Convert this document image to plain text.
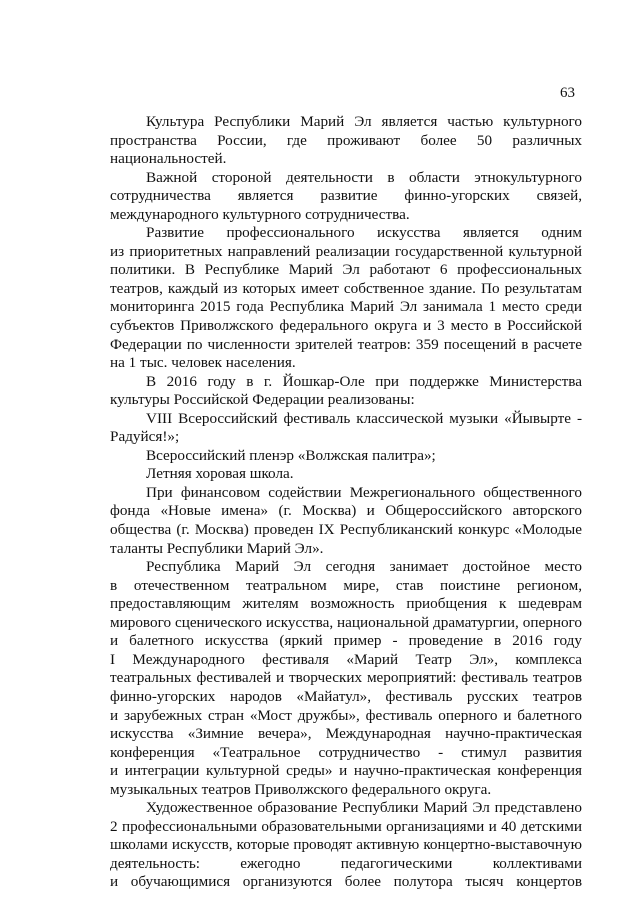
63
Культура Республики Марий Эл является частью культурного
пространства России, где проживают более 50 различных
национальностей.
Важной стороной деятельности в области этнокультурного
сотрудничества является развитие финно-угорских связей,
международного культурного сотрудничества.
Развитие профессионального искусства является одним
из приоритетных направлений реализации государственной культурной
политики. В Республике Марий Эл работают 6 профессиональных
театров, каждый из которых имеет собственное здание. По результатам
мониторинга 2015 года Республика Марий Эл занимала 1 место среди
субъектов Приволжского федерального округа и 3 место в Российской
Федерации по численности зрителей театров: 359 посещений в расчете
на 1 тыс. человек населения.
В 2016 году в г. Йошкар-Оле при поддержке Министерства
культуры Российской Федерации реализованы:
VIII Всероссийский фестиваль классической музыки «Йывырте -
Радуйся!»;
Всероссийский пленэр «Волжская палитра»;
Летняя хоровая школа.
При финансовом содействии Межрегионального общественного
фонда «Новые имена» (г. Москва) и Общероссийского авторского
общества (г. Москва) проведен IX Республиканский конкурс «Молодые
таланты Республики Марий Эл».
Республика Марий Эл сегодня занимает достойное место
в отечественном театральном мире, став поистине регионом,
предоставляющим жителям возможность приобщения к шедеврам
мирового сценического искусства, национальной драматургии, оперного
и балетного искусства (яркий пример - проведение в 2016 году
I Международного фестиваля «Марий Театр Эл», комплекса
театральных фестивалей и творческих мероприятий: фестиваль театров
финно-угорских народов «Майатул», фестиваль русских театров
и зарубежных стран «Мост дружбы», фестиваль оперного и балетного
искусства «Зимние вечера», Международная научно-практическая
конференция «Театральное сотрудничество - стимул развития
и интеграции культурной среды» и научно-практическая конференция
музыкальных театров Приволжского федерального округа.
Художественное образование Республики Марий Эл представлено
2 профессиональными образовательными организациями и 40 детскими
школами искусств, которые проводят активную концертно-выставочную
деятельность: ежегодно педагогическими коллективами
и обучающимися организуются более полутора тысяч концертов
